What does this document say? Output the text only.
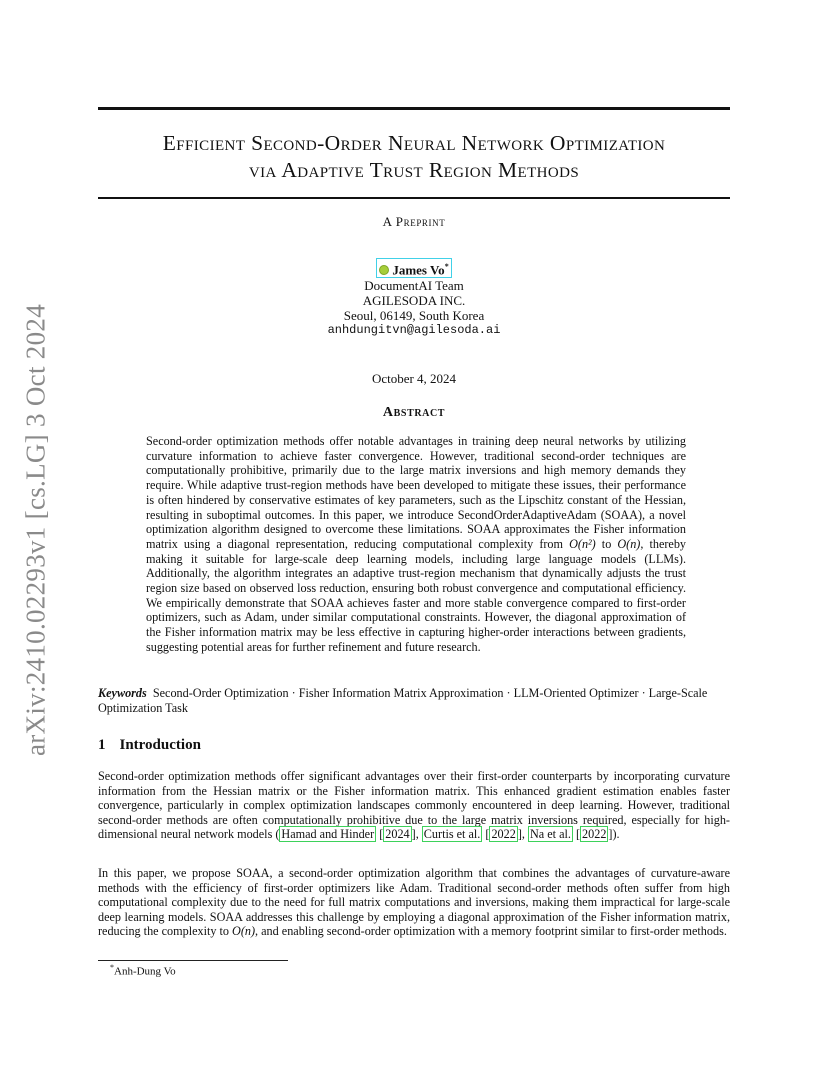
arXiv:2410.02293v1 [cs.LG] 3 Oct 2024
Efficient Second-Order Neural Network Optimization
via Adaptive Trust Region Methods
A Preprint
James Vo*
DocumentAI Team
AGILESODA INC.
Seoul, 06149, South Korea
anhdungitvn@agilesoda.ai
October 4, 2024
Abstract
Second-order optimization methods offer notable advantages in training deep neural networks by utilizing curvature information to achieve faster convergence. However, traditional second-order techniques are computationally prohibitive, primarily due to the large matrix inversions and high memory demands they require. While adaptive trust-region methods have been developed to mitigate these issues, their performance is often hindered by conservative estimates of key parameters, such as the Lipschitz constant of the Hessian, resulting in suboptimal outcomes. In this paper, we introduce SecondOrderAdaptiveAdam (SOAA), a novel optimization algorithm designed to overcome these limitations. SOAA approximates the Fisher information matrix using a diagonal representation, reducing computational complexity from O(n²) to O(n), thereby making it suitable for large-scale deep learning models, including large language models (LLMs). Additionally, the algorithm integrates an adaptive trust-region mechanism that dynamically adjusts the trust region size based on observed loss reduction, ensuring both robust convergence and computational efficiency. We empirically demonstrate that SOAA achieves faster and more stable convergence compared to first-order optimizers, such as Adam, under similar computational constraints. However, the diagonal approximation of the Fisher information matrix may be less effective in capturing higher-order interactions between gradients, suggesting potential areas for further refinement and future research.
Keywords Second-Order Optimization · Fisher Information Matrix Approximation · LLM-Oriented Optimizer · Large-Scale Optimization Task
1 Introduction
Second-order optimization methods offer significant advantages over their first-order counterparts by incorporating curvature information from the Hessian matrix or the Fisher information matrix. This enhanced gradient estimation enables faster convergence, particularly in complex optimization landscapes commonly encountered in deep learning. However, traditional second-order methods are often computationally prohibitive due to the large matrix inversions required, especially for high-dimensional neural network models ( Hamad and Hinder [ 2024 ], Curtis et al. [ 2022 ], Na et al. [ 2022 ]).
In this paper, we propose SOAA, a second-order optimization algorithm that combines the advantages of curvature-aware methods with the efficiency of first-order optimizers like Adam. Traditional second-order methods often suffer from high computational complexity due to the need for full matrix computations and inversions, making them impractical for large-scale deep learning models. SOAA addresses this challenge by employing a diagonal approximation of the Fisher information matrix, reducing the complexity to O(n), and enabling second-order optimization with a memory footprint similar to first-order methods.
*Anh-Dung Vo
